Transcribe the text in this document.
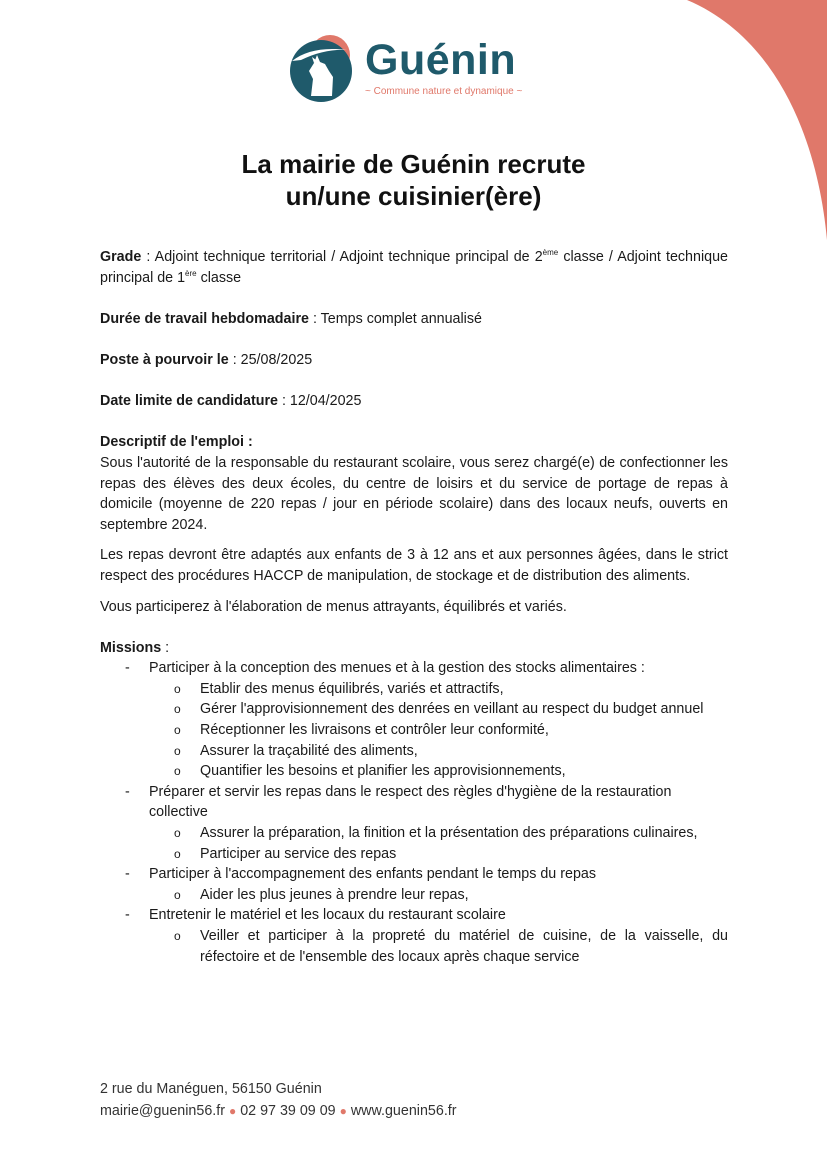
Guénin
~ Commune nature et dynamique ~
La mairie de Guénin recrute
un/une cuisinier(ère)

Grade : Adjoint technique territorial / Adjoint technique principal de 2ème classe / Adjoint technique principal de 1ère classe

Durée de travail hebdomadaire : Temps complet annualisé

Poste à pourvoir le : 25/08/2025

Date limite de candidature : 12/04/2025

Descriptif de l'emploi :

Sous l'autorité de la responsable du restaurant scolaire, vous serez chargé(e) de confectionner les repas des élèves des deux écoles, du centre de loisirs et du service de portage de repas à domicile (moyenne de 220 repas / jour en période scolaire) dans des locaux neufs, ouverts en septembre 2024.

Les repas devront être adaptés aux enfants de 3 à 12 ans et aux personnes âgées, dans le strict respect des procédures HACCP de manipulation, de stockage et de distribution des aliments.

Vous participerez à l'élaboration de menus attrayants, équilibrés et variés.

Missions :

- Participer à la conception des menues et à la gestion des stocks alimentaires :
o Etablir des menus équilibrés, variés et attractifs,
o Gérer l'approvisionnement des denrées en veillant au respect du budget annuel
o Réceptionner les livraisons et contrôler leur conformité,
o Assurer la traçabilité des aliments,
o Quantifier les besoins et planifier les approvisionnements,
- Préparer et servir les repas dans le respect des règles d'hygiène de la restauration collective
o Assurer la préparation, la finition et la présentation des préparations culinaires,
o Participer au service des repas
- Participer à l'accompagnement des enfants pendant le temps du repas
o Aider les plus jeunes à prendre leur repas,
- Entretenir le matériel et les locaux du restaurant scolaire
o Veiller et participer à la propreté du matériel de cuisine, de la vaisselle, du réfectoire et de l'ensemble des locaux après chaque service
2 rue du Manéguen, 56150 Guénin
mairie@guenin56.fr ● 02 97 39 09 09 ● www.guenin56.fr
